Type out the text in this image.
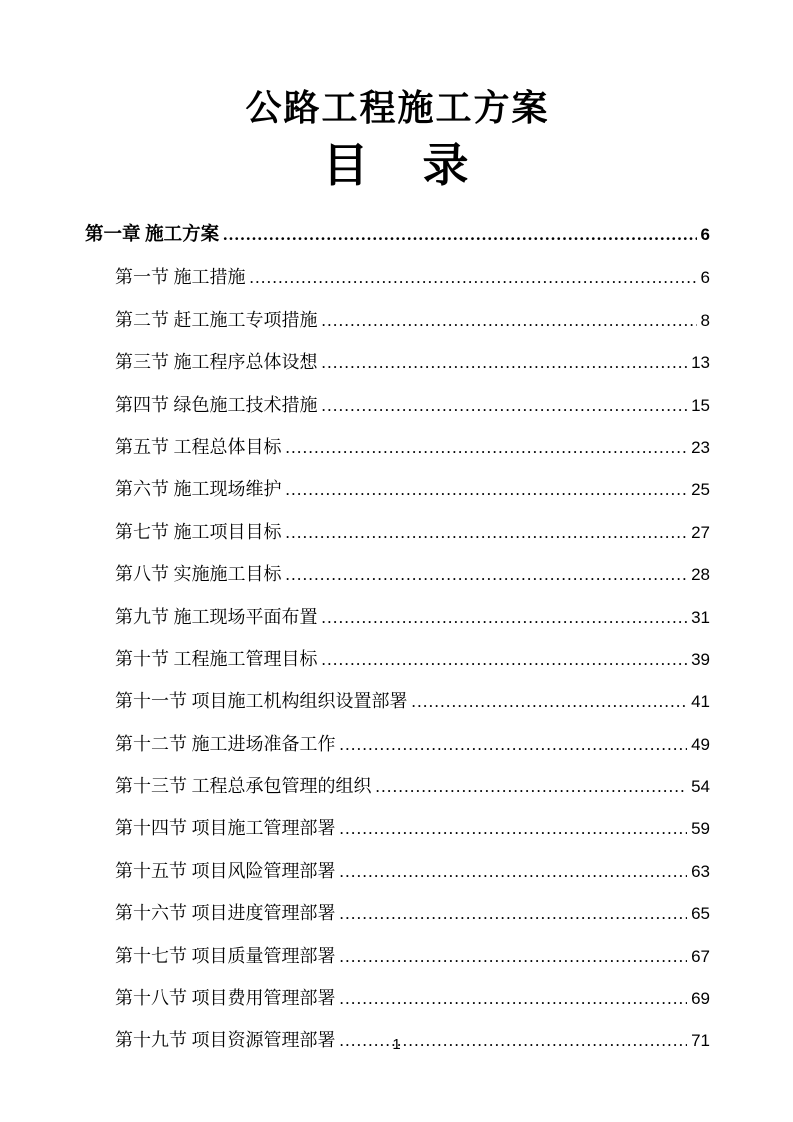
公路工程施工方案
目　录
第一章 施工方案 .....	6
第一节 施工措施 .....	6
第二节 赶工施工专项措施 .....	8
第三节 施工程序总体设想 .....	13
第四节 绿色施工技术措施 .....	15
第五节 工程总体目标 .....	23
第六节 施工现场维护 .....	25
第七节 施工项目目标 .....	27
第八节 实施施工目标 .....	28
第九节 施工现场平面布置 .....	31
第十节 工程施工管理目标 .....	39
第十一节 项目施工机构组织设置部署 .....	41
第十二节 施工进场准备工作 .....	49
第十三节 工程总承包管理的组织 .....	54
第十四节 项目施工管理部署 .....	59
第十五节 项目风险管理部署 .....	63
第十六节 项目进度管理部署 .....	65
第十七节 项目质量管理部署 .....	67
第十八节 项目费用管理部署 .....	69
第十九节 项目资源管理部署 .....	71
1
